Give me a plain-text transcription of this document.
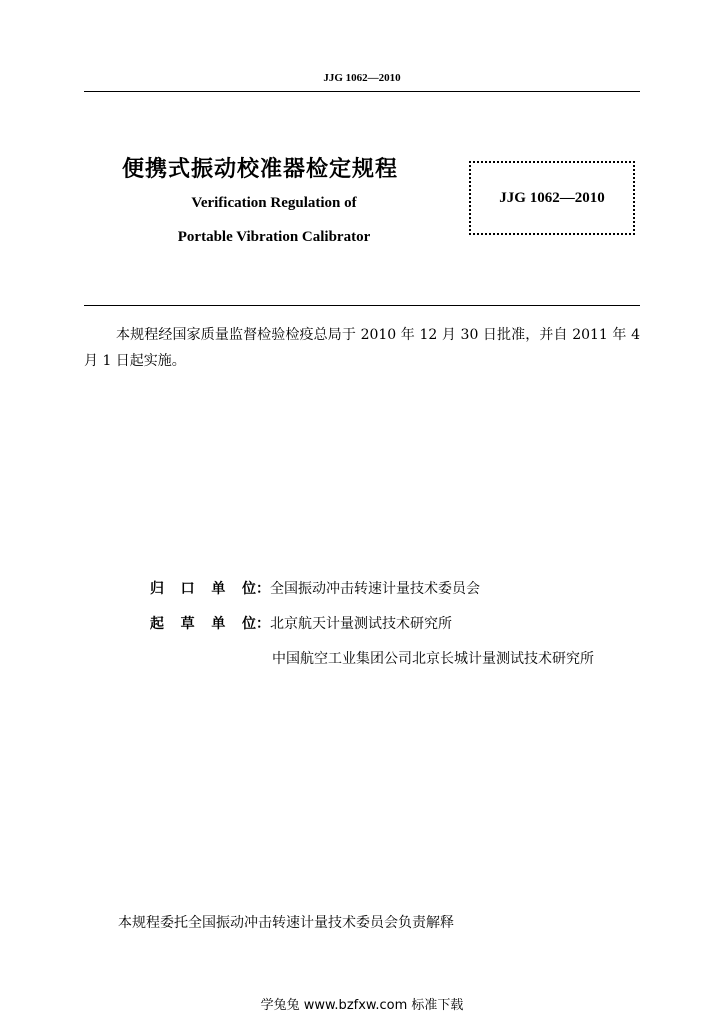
JJG 1062—2010
便携式振动校准器检定规程
Verification Regulation of
Portable Vibration Calibrator
JJG 1062—2010
本规程经国家质量监督检验检疫总局于 2010 年 12 月 30 日批准，并自 2011 年 4 月 1 日起实施。
归 口 单 位： 全国振动冲击转速计量技术委员会
起 草 单 位： 北京航天计量测试技术研究所
中国航空工业集团公司北京长城计量测试技术研究所
本规程委托全国振动冲击转速计量技术委员会负责解释
学兔兔 www.bzfxw.com 标准下载
